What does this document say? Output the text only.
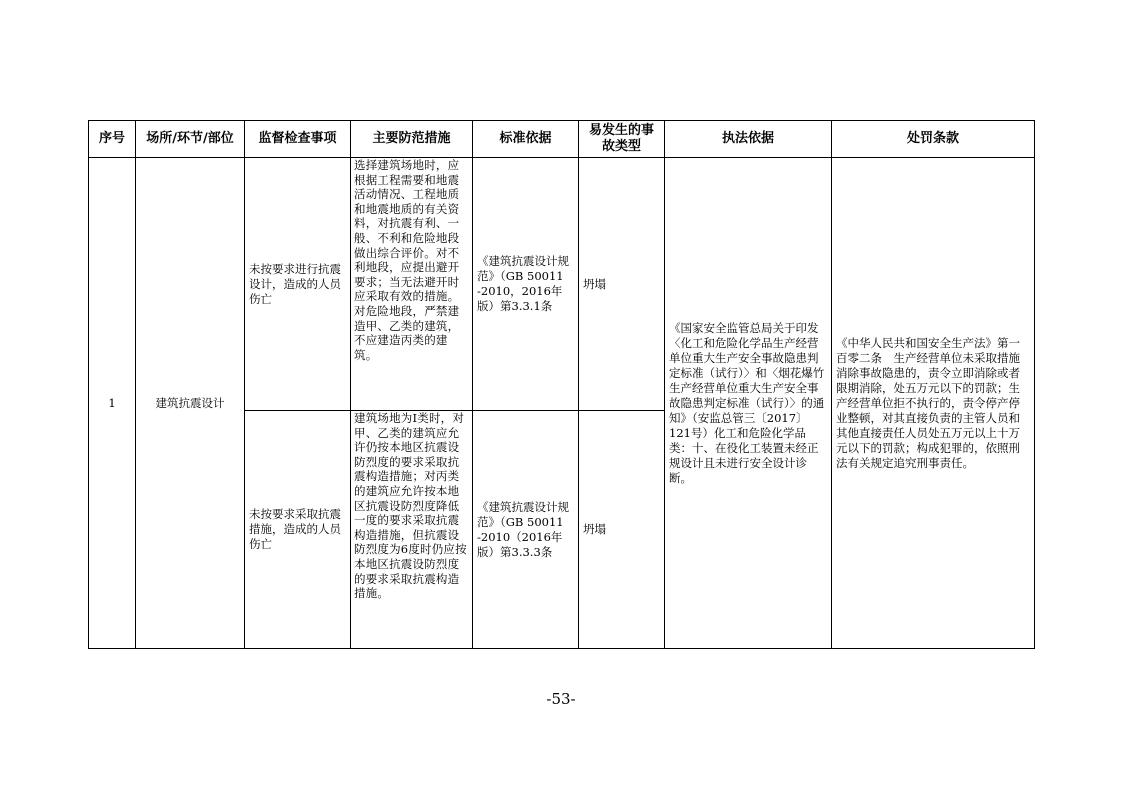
序号	场所/环节/部位	监督检查事项	主要防范措施	标准依据	易发生的事故类型	执法依据	处罚条款
1	建筑抗震设计	未按要求进行抗震设计，造成的人员伤亡	选择建筑场地时，应根据工程需要和地震活动情况、工程地质和地震地质的有关资料，对抗震有利、一般、不利和危险地段做出综合评价。对不利地段，应提出避开要求；当无法避开时应采取有效的措施。对危险地段，严禁建造甲、乙类的建筑，不应建造丙类的建筑。	《建筑抗震设计规范》（GB 50011 -2010，2016年版）第3.3.1条	坍塌	《国家安全监管总局关于印发〈化工和危险化学品生产经营单位重大生产安全事故隐患判定标准（试行）〉和〈烟花爆竹生产经营单位重大生产安全事故隐患判定标准（试行）〉的通知》（安监总管三〔2017〕121号）化工和危险化学品类：十、在役化工装置未经正规设计且未进行安全设计诊断。	《中华人民共和国安全生产法》第一百零二条　生产经营单位未采取措施消除事故隐患的，责令立即消除或者限期消除，处五万元以下的罚款；生产经营单位拒不执行的，责令停产停业整顿，对其直接负责的主管人员和其他直接责任人员处五万元以上十万元以下的罚款；构成犯罪的，依照刑法有关规定追究刑事责任。
		未按要求采取抗震措施，造成的人员伤亡	建筑场地为Ⅰ类时，对甲、乙类的建筑应允许仍按本地区抗震设防烈度的要求采取抗震构造措施；对丙类的建筑应允许按本地区抗震设防烈度降低一度的要求采取抗震构造措施，但抗震设防烈度为6度时仍应按本地区抗震设防烈度的要求采取抗震构造措施。	《建筑抗震设计规范》（GB 50011 -2010（2016年版）第3.3.3条	坍塌		
-53-
